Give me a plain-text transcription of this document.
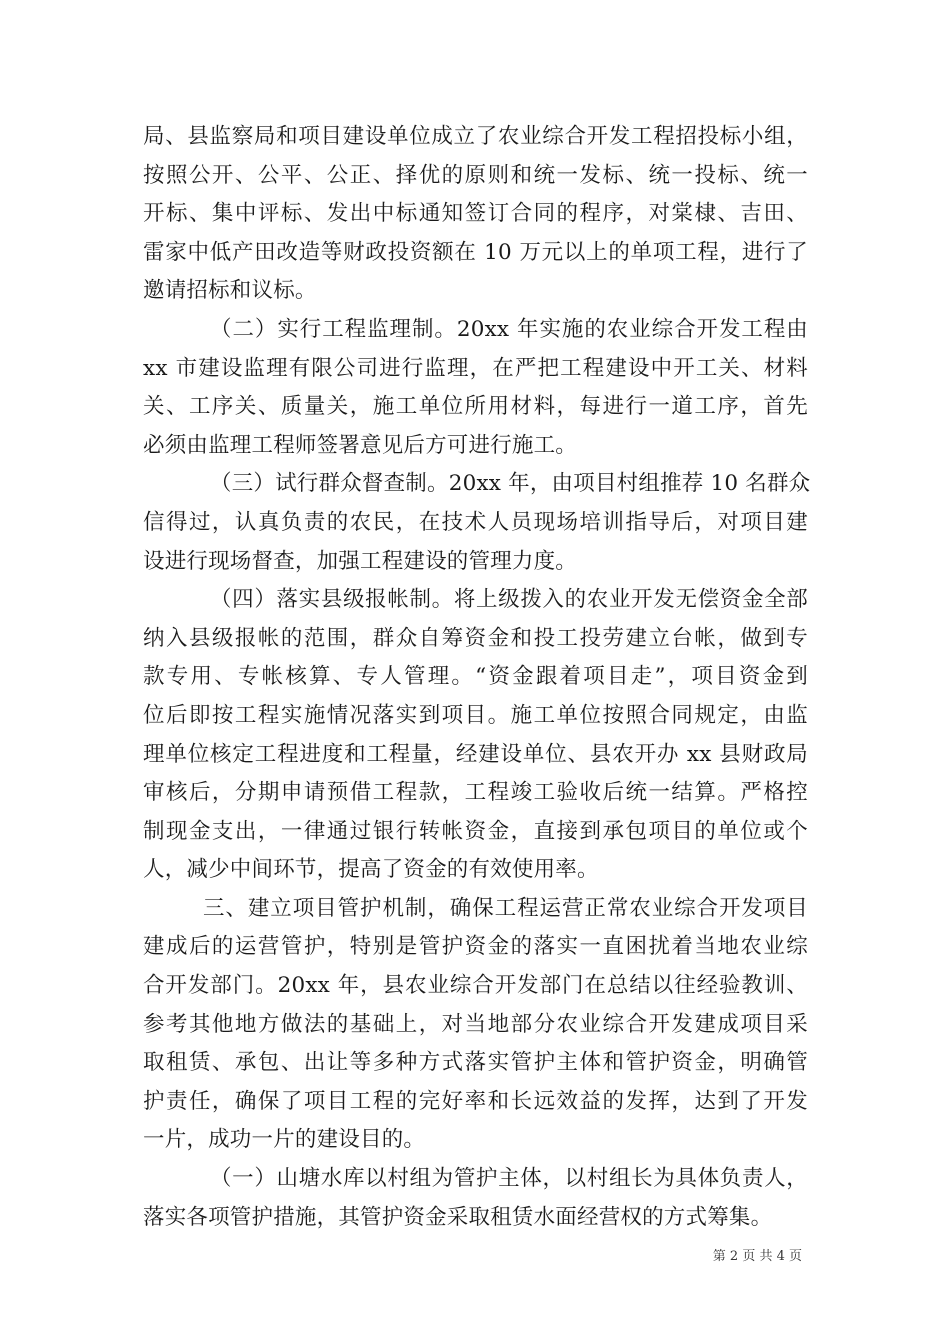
局、县监察局和项目建设单位成立了农业综合开发工程招投标小组，
按照公开、公平、公正、择优的原则和统一发标、统一投标、统一
开标、集中评标、发出中标通知签订合同的程序，对棠棣、吉田、
雷家中低产田改造等财政投资额在 10 万元以上的单项工程，进行了
邀请招标和议标。
（二）实行工程监理制。20xx 年实施的农业综合开发工程由
xx 市建设监理有限公司进行监理，在严把工程建设中开工关、材料
关、工序关、质量关，施工单位所用材料，每进行一道工序，首先
必须由监理工程师签署意见后方可进行施工。
（三）试行群众督查制。20xx 年，由项目村组推荐 10 名群众
信得过，认真负责的农民，在技术人员现场培训指导后，对项目建
设进行现场督查，加强工程建设的管理力度。
（四）落实县级报帐制。将上级拨入的农业开发无偿资金全部
纳入县级报帐的范围，群众自筹资金和投工投劳建立台帐，做到专
款专用、专帐核算、专人管理。“资金跟着项目走”，项目资金到
位后即按工程实施情况落实到项目。施工单位按照合同规定，由监
理单位核定工程进度和工程量，经建设单位、县农开办 xx 县财政局
审核后，分期申请预借工程款，工程竣工验收后统一结算。严格控
制现金支出，一律通过银行转帐资金，直接到承包项目的单位或个
人，减少中间环节，提高了资金的有效使用率。
三、建立项目管护机制，确保工程运营正常农业综合开发项目
建成后的运营管护，特别是管护资金的落实一直困扰着当地农业综
合开发部门。20xx 年，县农业综合开发部门在总结以往经验教训、
参考其他地方做法的基础上，对当地部分农业综合开发建成项目采
取租赁、承包、出让等多种方式落实管护主体和管护资金，明确管
护责任，确保了项目工程的完好率和长远效益的发挥，达到了开发
一片，成功一片的建设目的。
（一）山塘水库以村组为管护主体，以村组长为具体负责人，
落实各项管护措施，其管护资金采取租赁水面经营权的方式筹集。
第 2 页 共 4 页
